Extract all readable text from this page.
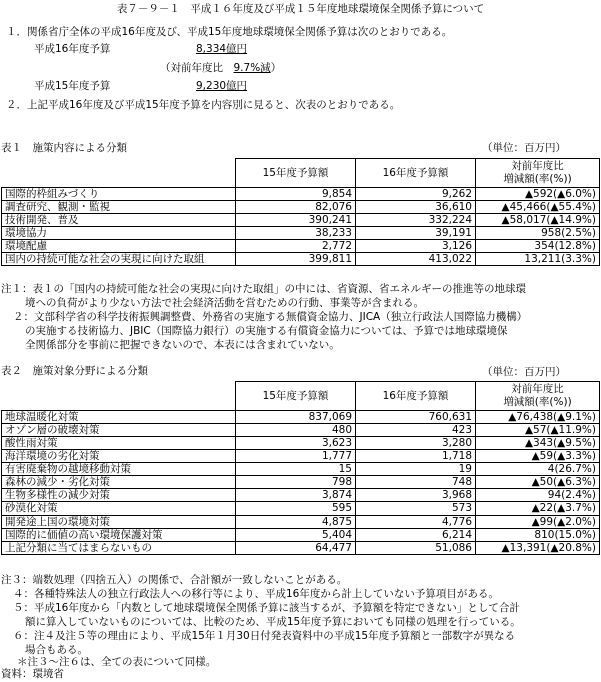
表７－９－１　平成１６年度及び平成１５年度地球環境保全関係予算について
１．関係省庁全体の平成16年度及び、平成15年度地球環境保全関係予算は次のとおりである。
平成16年度予算	8,334億円
（対前年度比　 9.7%減）
平成15年度予算	9,230億円
２．上記平成16年度及び平成15年度予算を内容別に見ると、次表のとおりである。
表１　施策内容による分類	（単位：百万円）
	15年度予算額	16年度予算額	対前年度比
増減額(率(%))

国際的枠組みづくり	9,854	9,262	▲592(▲6.0%)
調査研究、観測・監視	82,076	36,610	▲45,466(▲55.4%)
技術開発、普及	390,241	332,224	▲58,017(▲14.9%)
環境協力	38,233	39,191	958(2.5%)
環境配慮	2,772	3,126	354(12.8%)
国内の持続可能な社会の実現に向けた取組	399,811	413,022	13,211(3.3%)
注１：表１の「国内の持続可能な社会の実現に向けた取組」の中には、省資源、省エネルギーの推進等の地球環
境への負荷がより少ない方法で社会経済活動を営むための行動、事業等が含まれる。
２：文部科学省の科学技術振興調整費、外務省の実施する無償資金協力、JICA（独立行政法人国際協力機構）
の実施する技術協力、JBIC（国際協力銀行）の実施する有償資金協力については、予算では地球環境保
全関係部分を事前に把握できないので、本表には含まれていない。
表２　施策対象分野による分類	（単位：百万円）
	15年度予算額	16年度予算額	対前年度比
増減額(率(%))

地球温暖化対策	837,069	760,631	▲76,438(▲9.1%)
オゾン層の破壊対策	480	423	▲57(▲11.9%)
酸性雨対策	3,623	3,280	▲343(▲9.5%)
海洋環境の劣化対策	1,777	1,718	▲59(▲3.3%)
有害廃棄物の越境移動対策	15	19	4(26.7%)
森林の減少・劣化対策	798	748	▲50(▲6.3%)
生物多様性の減少対策	3,874	3,968	94(2.4%)
砂漠化対策	595	573	▲22(▲3.7%)
開発途上国の環境対策	4,875	4,776	▲99(▲2.0%)
国際的に価値の高い環境保護対策	5,404	6,214	810(15.0%)
上記分類に当てはまらないもの	64,477	51,086	▲13,391(▲20.8%)
注３：端数処理（四捨五入）の関係で、合計額が一致しないことがある。
４：各種特殊法人の独立行政法人への移行等により、平成16年度から計上していない予算項目がある。
５：平成16年度から「内数として地球環境保全関係予算に該当するが、予算額を特定できない」として合計
額に算入していないものについては、比較のため、平成15年度予算においても同様の処理を行っている。
６：注４及注５等の理由により、平成15年１月30日付発表資料中の平成15年度予算額と一部数字が異なる
場合もある。
＊注３～注６は、全ての表について同様。
資料：環境省
